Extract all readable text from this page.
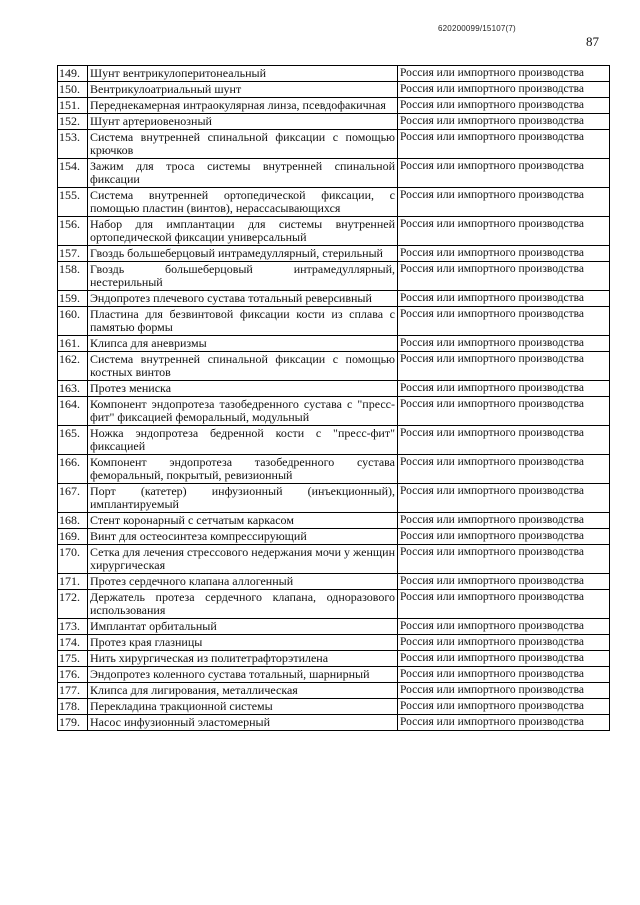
620200099/15107(7)
87
149.	Шунт вентрикулоперитонеальный	Россия или импортного производства
150.	Вентрикулоатриальный шунт	Россия или импортного производства
151.	Переднекамерная интраокулярная линза, псевдофакичная	Россия или импортного производства
152.	Шунт артериовенозный	Россия или импортного производства
153.	Система внутренней спинальной фиксации с помощью крючков	Россия или импортного производства
154.	Зажим для троса системы внутренней спинальной фиксации	Россия или импортного производства
155.	Система внутренней ортопедической фиксации, с помощью пластин (винтов), нерассасывающихся	Россия или импортного производства
156.	Набор для имплантации для системы внутренней ортопедической фиксации универсальный	Россия или импортного производства
157.	Гвоздь большеберцовый интрамедуллярный, стерильный	Россия или импортного производства
158.	Гвоздь большеберцовый интрамедуллярный, нестерильный	Россия или импортного производства
159.	Эндопротез плечевого сустава тотальный реверсивный	Россия или импортного производства
160.	Пластина для безвинтовой фиксации кости из сплава с памятью формы	Россия или импортного производства
161.	Клипса для аневризмы	Россия или импортного производства
162.	Система внутренней спинальной фиксации с помощью костных винтов	Россия или импортного производства
163.	Протез мениска	Россия или импортного производства
164.	Компонент эндопротеза тазобедренного сустава с "пресс-фит" фиксацией феморальный, модульный	Россия или импортного производства
165.	Ножка эндопротеза бедренной кости с "пресс-фит" фиксацией	Россия или импортного производства
166.	Компонент эндопротеза тазобедренного сустава феморальный, покрытый, ревизионный	Россия или импортного производства
167.	Порт (катетер) инфузионный (инъекционный), имплантируемый	Россия или импортного производства
168.	Стент коронарный с сетчатым каркасом	Россия или импортного производства
169.	Винт для остеосинтеза компрессирующий	Россия или импортного производства
170.	Сетка для лечения стрессового недержания мочи у женщин хирургическая	Россия или импортного производства
171.	Протез сердечного клапана аллогенный	Россия или импортного производства
172.	Держатель протеза сердечного клапана, одноразового использования	Россия или импортного производства
173.	Имплантат орбитальный	Россия или импортного производства
174.	Протез края глазницы	Россия или импортного производства
175.	Нить хирургическая из политетрафторэтилена	Россия или импортного производства
176.	Эндопротез коленного сустава тотальный, шарнирный	Россия или импортного производства
177.	Клипса для лигирования, металлическая	Россия или импортного производства
178.	Перекладина тракционной системы	Россия или импортного производства
179.	Насос инфузионный эластомерный	Россия или импортного производства
